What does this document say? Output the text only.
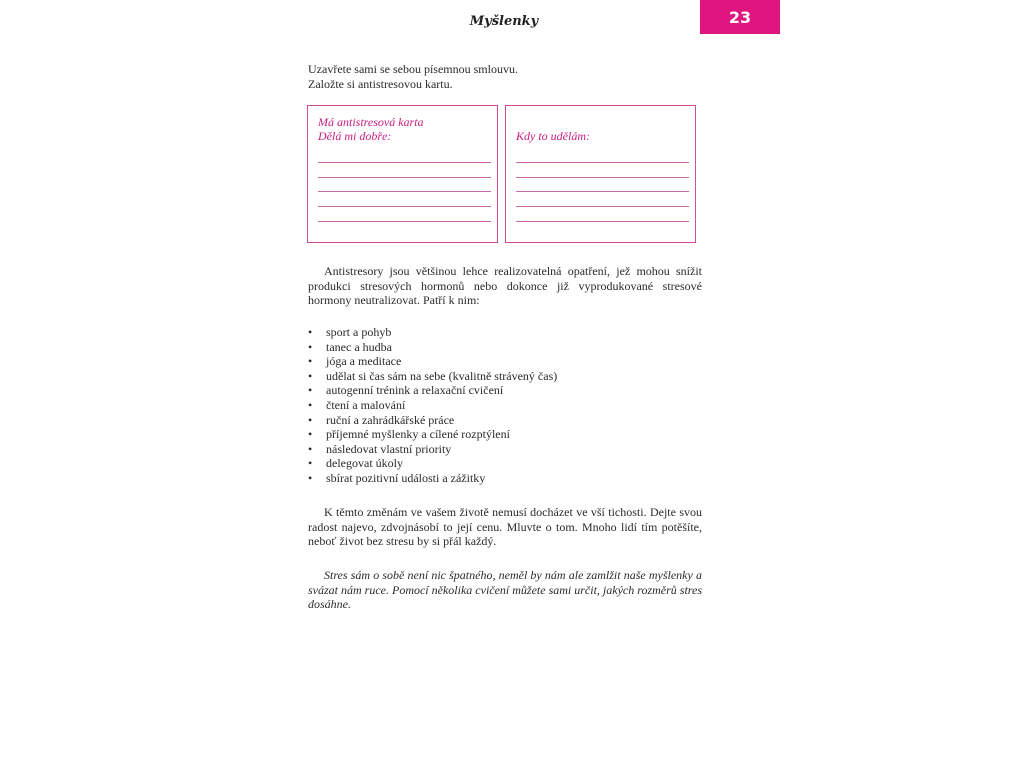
Myšlenky	23
Uzavřete sami se sebou písemnou smlouvu.
Založte si antistresovou kartu.
Má antistresová karta
Dělá mi dobře:	Kdy to udělám:

Antistresory jsou většinou lehce realizovatelná opatření, jež mohou snížit produkci stresových hormonů nebo dokonce již vyprodukované stresové hormony neutralizovat. Patří k nim:

• sport a pohyb
• tanec a hudba
• jóga a meditace
• udělat si čas sám na sebe (kvalitně strávený čas)
• autogenní trénink a relaxační cvičení
• čtení a malování
• ruční a zahrádkářské práce
• příjemné myšlenky a cílené rozptýlení
• následovat vlastní priority
• delegovat úkoly
• sbírat pozitivní události a zážitky

K těmto změnám ve vašem životě nemusí docházet ve vší tichosti. Dejte svou radost najevo, zdvojnásobí to její cenu. Mluvte o tom. Mnoho lidí tím potěšíte, neboť život bez stresu by si přál každý.

Stres sám o sobě není nic špatného, neměl by nám ale zamlžit naše myšlenky a svázat nám ruce. Pomocí několika cvičení můžete sami určit, jakých rozměrů stres dosáhne.
